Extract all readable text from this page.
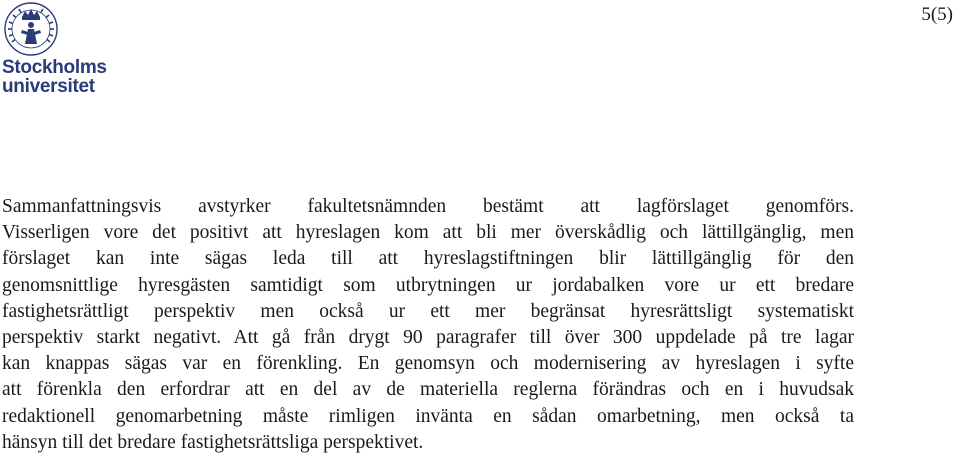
Stockholms
universitet
5(5)
Sammanfattningsvis avstyrker fakultetsnämnden bestämt att lagförslaget genomförs.
Visserligen vore det positivt att hyreslagen kom att bli mer överskådlig och lättillgänglig, men
förslaget kan inte sägas leda till att hyreslagstiftningen blir lättillgänglig för den
genomsnittlige hyresgästen samtidigt som utbrytningen ur jordabalken vore ur ett bredare
fastighetsrättligt perspektiv men också ur ett mer begränsat hyresrättsligt systematiskt
perspektiv starkt negativt. Att gå från drygt 90 paragrafer till över 300 uppdelade på tre lagar
kan knappas sägas var en förenkling. En genomsyn och modernisering av hyreslagen i syfte
att förenkla den erfordrar att en del av de materiella reglerna förändras och en i huvudsak
redaktionell genomarbetning måste rimligen invänta en sådan omarbetning, men också ta
hänsyn till det bredare fastighetsrättsliga perspektivet.
